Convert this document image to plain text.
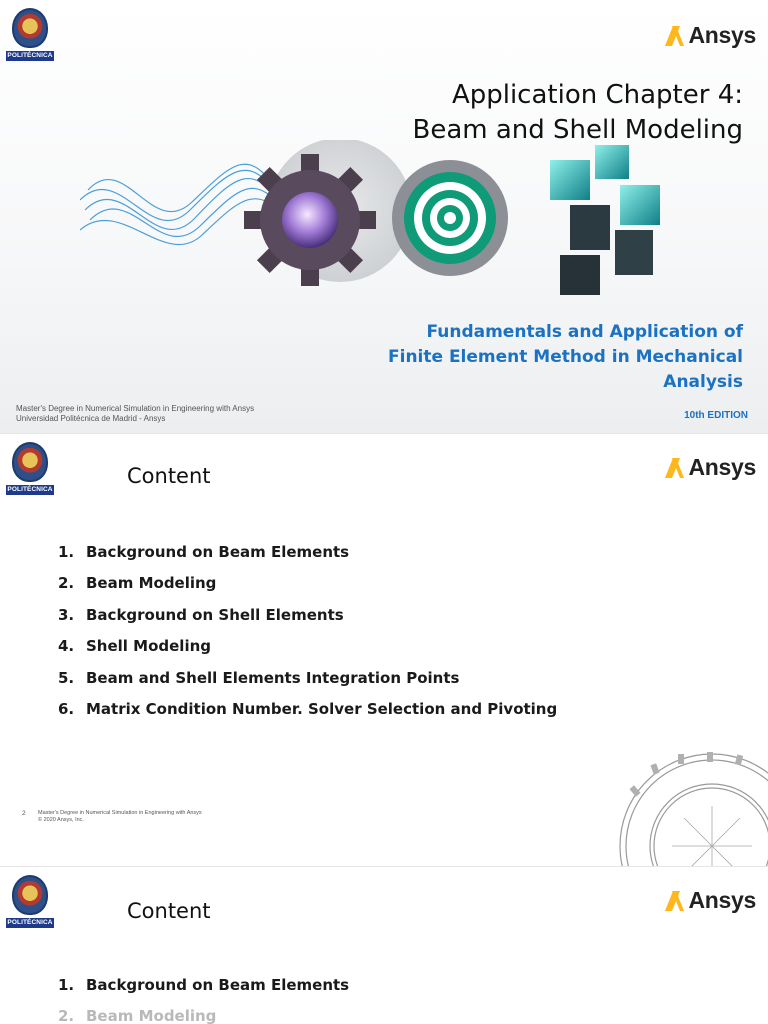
POLITÉCNICA
Ansys
Application Chapter 4:
Beam and Shell Modeling
Fundamentals and Application of
Finite Element Method in Mechanical
Analysis
Master's Degree in Numerical Simulation in Engineering with Ansys
Universidad Politécnica de Madrid - Ansys	10th EDITION
POLITÉCNICA
Ansys
Content
1. Background on Beam Elements
2. Beam Modeling
3. Background on Shell Elements
4. Shell Modeling
5. Beam and Shell Elements Integration Points
6. Matrix Condition Number. Solver Selection and Pivoting
2	Master's Degree in Numerical Simulation in Engineering with Ansys
© 2020 Ansys, Inc.
POLITÉCNICA
Ansys
Content
1. Background on Beam Elements
2. Beam Modeling
